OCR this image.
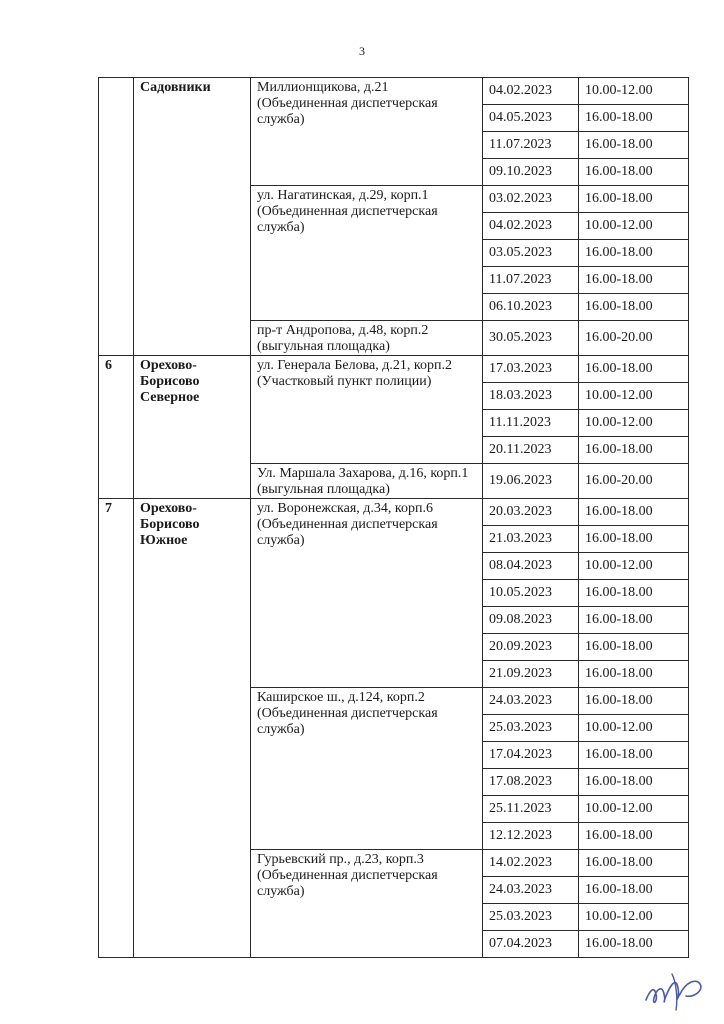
3
	Садовники	Миллионщикова, д.21 (Объединенная диспетчерская служба)	04.02.2023	10.00-12.00
			04.05.2023	16.00-18.00
			11.07.2023	16.00-18.00
			09.10.2023	16.00-18.00
		ул. Нагатинская, д.29, корп.1 (Объединенная диспетчерская служба)	03.02.2023	16.00-18.00
			04.02.2023	10.00-12.00
			03.05.2023	16.00-18.00
			11.07.2023	16.00-18.00
			06.10.2023	16.00-18.00
		пр-т Андропова, д.48, корп.2 (выгульная площадка)	30.05.2023	16.00-20.00
6	Орехово-Борисово Северное	ул. Генерала Белова, д.21, корп.2 (Участковый пункт полиции)	17.03.2023	16.00-18.00
			18.03.2023	10.00-12.00
			11.11.2023	10.00-12.00
			20.11.2023	16.00-18.00
		Ул. Маршала Захарова, д.16, корп.1 (выгульная площадка)	19.06.2023	16.00-20.00
7	Орехово-Борисово Южное	ул. Воронежская, д.34, корп.6 (Объединенная диспетчерская служба)	20.03.2023	16.00-18.00
			21.03.2023	16.00-18.00
			08.04.2023	10.00-12.00
			10.05.2023	16.00-18.00
			09.08.2023	16.00-18.00
			20.09.2023	16.00-18.00
			21.09.2023	16.00-18.00
		Каширское ш., д.124, корп.2 (Объединенная диспетчерская служба)	24.03.2023	16.00-18.00
			25.03.2023	10.00-12.00
			17.04.2023	16.00-18.00
			17.08.2023	16.00-18.00
			25.11.2023	10.00-12.00
			12.12.2023	16.00-18.00
		Гурьевский пр., д.23, корп.3 (Объединенная диспетчерская служба)	14.02.2023	16.00-18.00
			24.03.2023	16.00-18.00
			25.03.2023	10.00-12.00
			07.04.2023	16.00-18.00
